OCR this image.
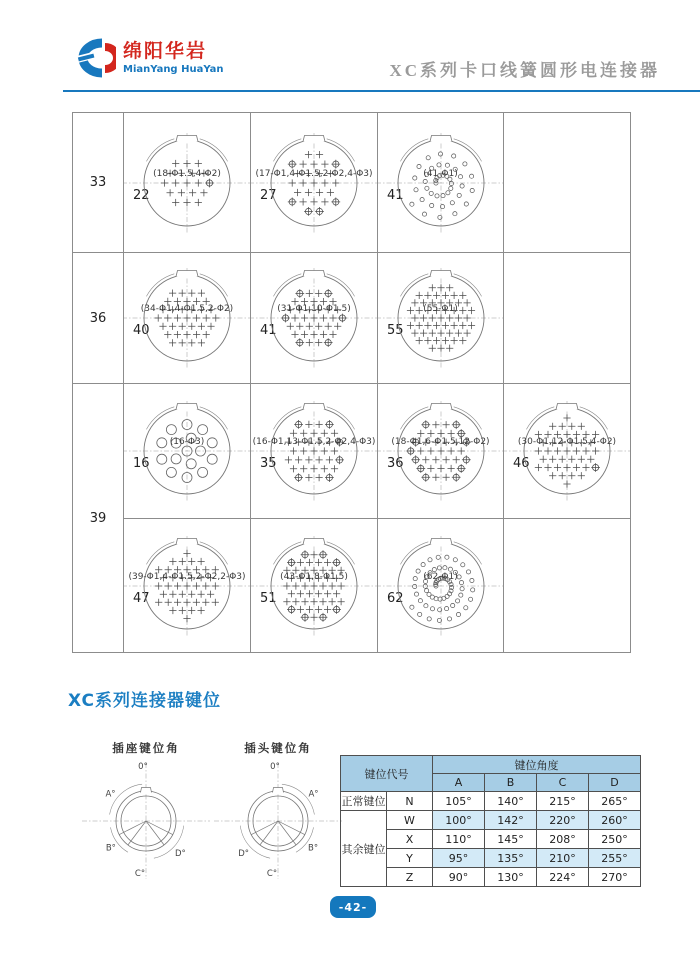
绵阳华岩
MianYang HuaYan	XC系列卡口线簧圆形电连接器
33	
22
(18-Φ1.5,4-Φ2)

27
(17-Φ1,4-Φ1.5,2-Φ2,4-Φ3)

41
(41-Φ1)

36	
40
(34-Φ1,4-Φ1.5,2-Φ2)

41
(31-Φ1,10-Φ1.5)

55
(55-Φ1)

39	
16
(16-Φ3)

35
(16-Φ1,13-Φ1.5,2-Φ2,4-Φ3)

36
(18-Φ1,6-Φ1.5,12-Φ2)

46
(30-Φ1,12-Φ1.5,4-Φ2)

47
(39-Φ1,4-Φ1.5,2-Φ2,2-Φ3)

51
(43-Φ1,8-Φ1.5)

62
(62-Φ1)

XC系列连接器键位
插座键位角
0°
A°
B°
C°
D°
插头键位角
0°
A°
B°
C°
D°
键位代号		键位角度			
		A	B	C	D
正常键位	N	105°	140°	215°	265°
其余键位	W	100°	142°	220°	260°
	X	110°	145°	208°	250°
	Y	95°	135°	210°	255°
	Z	90°	130°	224°	270°
-42-
